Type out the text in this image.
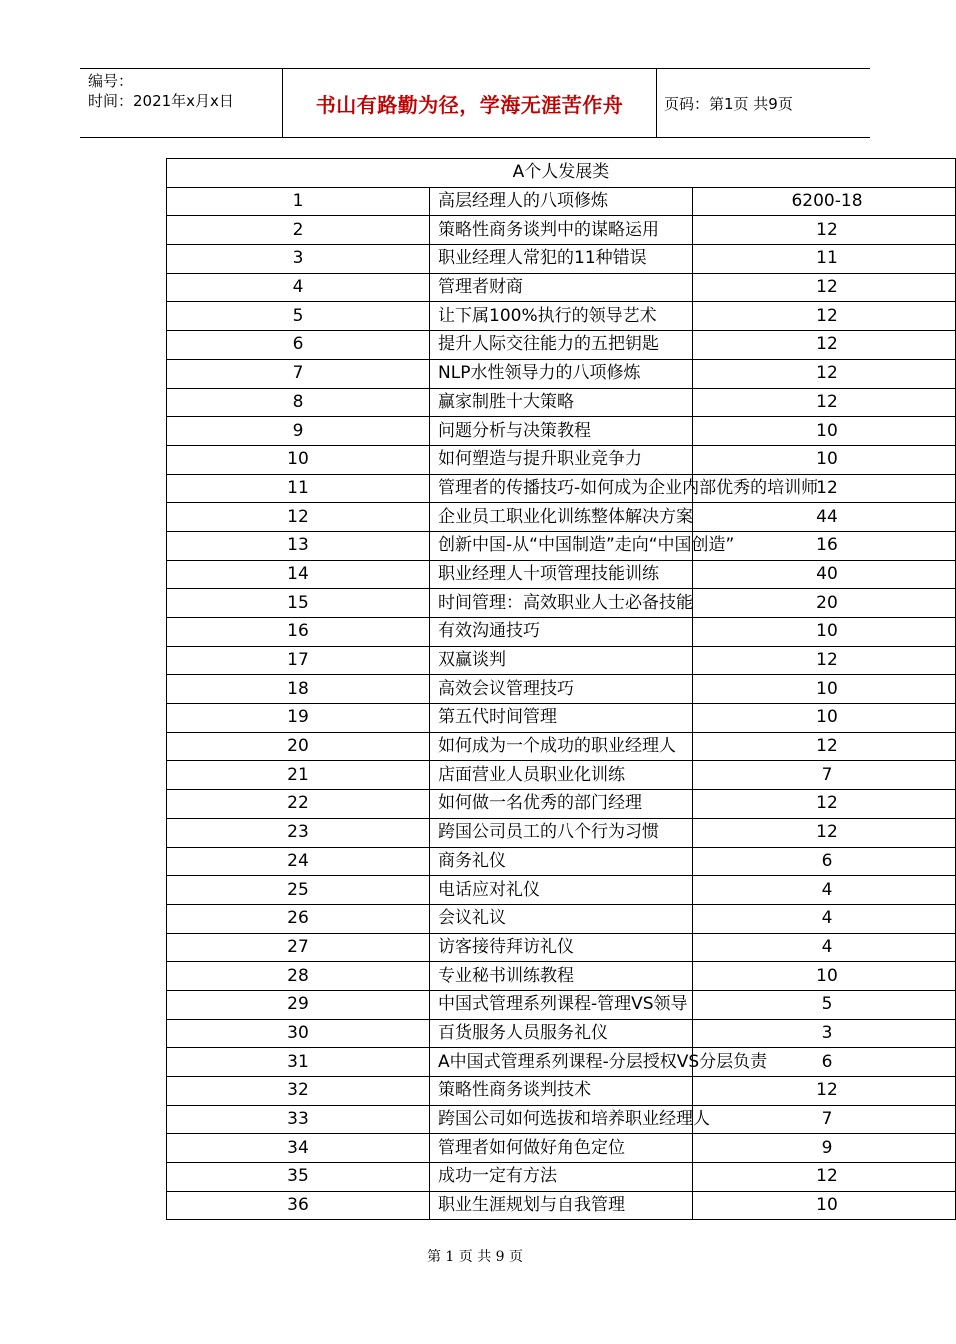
编号：
时间：2021年x月x日	书山有路勤为径，学海无涯苦作舟	页码：第1页 共9页
A个人发展类		
1	高层经理人的八项修炼	6200-18
2	策略性商务谈判中的谋略运用	12
3	职业经理人常犯的11种错误	11
4	管理者财商	12
5	让下属100%执行的领导艺术	12
6	提升人际交往能力的五把钥匙	12
7	NLP水性领导力的八项修炼	12
8	赢家制胜十大策略	12
9	问题分析与决策教程	10
10	如何塑造与提升职业竞争力	10
11	管理者的传播技巧-如何成为企业内部优秀的培训师	12
12	企业员工职业化训练整体解决方案	44
13	创新中国-从“中国制造”走向“中国创造”	16
14	职业经理人十项管理技能训练	40
15	时间管理：高效职业人士必备技能	20
16	有效沟通技巧	10
17	双赢谈判	12
18	高效会议管理技巧	10
19	第五代时间管理	10
20	如何成为一个成功的职业经理人	12
21	店面营业人员职业化训练	7
22	如何做一名优秀的部门经理	12
23	跨国公司员工的八个行为习惯	12
24	商务礼仪	6
25	电话应对礼仪	4
26	会议礼议	4
27	访客接待拜访礼仪	4
28	专业秘书训练教程	10
29	中国式管理系列课程-管理VS领导	5
30	百货服务人员服务礼仪	3
31	A中国式管理系列课程-分层授权VS分层负责	6
32	策略性商务谈判技术	12
33	跨国公司如何选拔和培养职业经理人	7
34	管理者如何做好角色定位	9
35	成功一定有方法	12
36	职业生涯规划与自我管理	10
第 1 页 共 9 页
